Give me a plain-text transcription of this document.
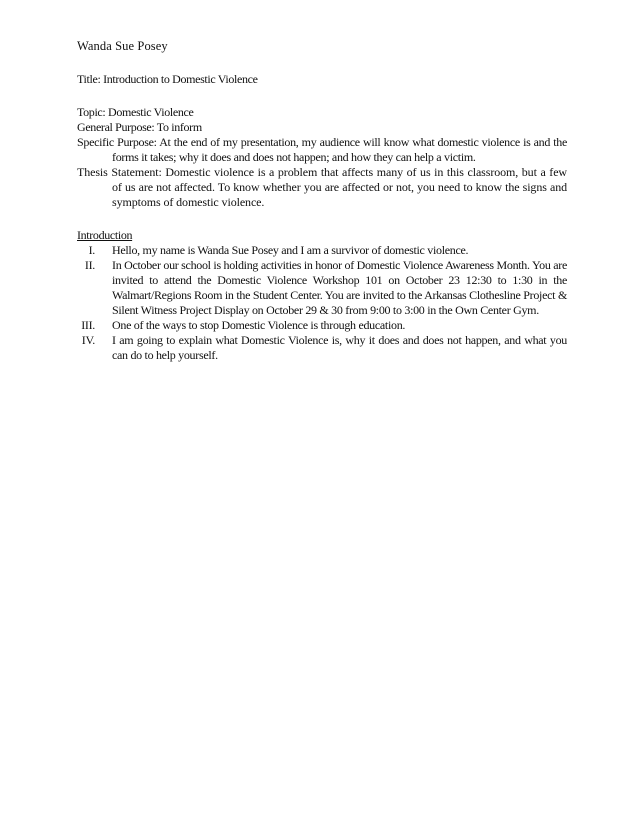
Wanda Sue Posey

Title: Introduction to Domestic Violence

Topic: Domestic Violence

General Purpose: To inform

Specific Purpose: At the end of my presentation, my audience will know what domestic violence is and the forms it takes; why it does and does not happen; and how they can help a victim.

Thesis Statement: Domestic violence is a problem that affects many of us in this classroom, but a few of us are not affected. To know whether you are affected or not, you need to know the signs and symptoms of domestic violence.

Introduction

I. Hello, my name is Wanda Sue Posey and I am a survivor of domestic violence.
II. In October our school is holding activities in honor of Domestic Violence Awareness Month. You are invited to attend the Domestic Violence Workshop 101 on October 23 12:30 to 1:30 in the Walmart/Regions Room in the Student Center. You are invited to the Arkansas Clothesline Project & Silent Witness Project Display on October 29 & 30 from 9:00 to 3:00 in the Own Center Gym.
III. One of the ways to stop Domestic Violence is through education.
IV. I am going to explain what Domestic Violence is, why it does and does not happen, and what you can do to help yourself.
